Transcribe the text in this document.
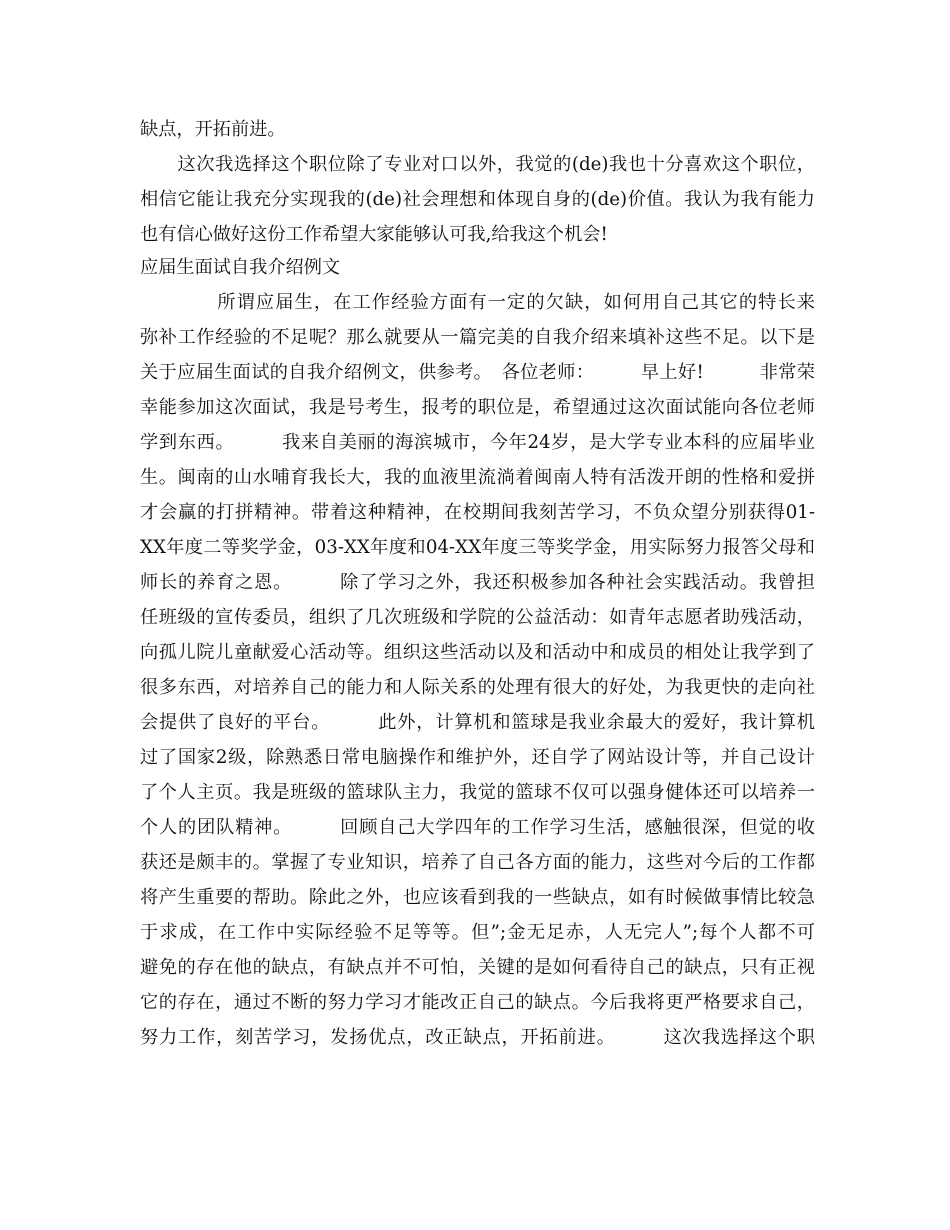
缺点，开拓前进。
　　这次我选择这个职位除了专业对口以外，我觉的(de)我也十分喜欢这个职位，
相信它能让我充分实现我的(de)社会理想和体现自身的(de)价值。我认为我有能力
也有信心做好这份工作希望大家能够认可我,给我这个机会!
应届生面试自我介绍例文
　　　　所谓应届生，在工作经验方面有一定的欠缺，如何用自己其它的特长来
弥补工作经验的不足呢？那么就要从一篇完美的自我介绍来填补这些不足。以下是
关于应届生面试的自我介绍例文，供参考。　各位老师：　　　早上好!　　　非常荣
幸能参加这次面试，我是号考生，报考的职位是，希望通过这次面试能向各位老师
学到东西。　　　我来自美丽的海滨城市，今年24岁，是大学专业本科的应届毕业
生。闽南的山水哺育我长大，我的血液里流淌着闽南人特有活泼开朗的性格和爱拼
才会赢的打拼精神。带着这种精神，在校期间我刻苦学习，不负众望分别获得01-
XX年度二等奖学金，03-XX年度和04-XX年度三等奖学金，用实际努力报答父母和
师长的养育之恩。　　　除了学习之外，我还积极参加各种社会实践活动。我曾担
任班级的宣传委员，组织了几次班级和学院的公益活动：如青年志愿者助残活动，
向孤儿院儿童献爱心活动等。组织这些活动以及和活动中和成员的相处让我学到了
很多东西，对培养自己的能力和人际关系的处理有很大的好处，为我更快的走向社
会提供了良好的平台。　　　此外，计算机和篮球是我业余最大的爱好，我计算机
过了国家2级，除熟悉日常电脑操作和维护外，还自学了网站设计等，并自己设计
了个人主页。我是班级的篮球队主力，我觉的篮球不仅可以强身健体还可以培养一
个人的团队精神。　　　回顾自己大学四年的工作学习生活，感触很深，但觉的收
获还是颇丰的。掌握了专业知识，培养了自己各方面的能力，这些对今后的工作都
将产生重要的帮助。除此之外，也应该看到我的一些缺点，如有时候做事情比较急
于求成，在工作中实际经验不足等等。但”;金无足赤，人无完人”;每个人都不可
避免的存在他的缺点，有缺点并不可怕，关键的是如何看待自己的缺点，只有正视
它的存在，通过不断的努力学习才能改正自己的缺点。今后我将更严格要求自己，
努力工作，刻苦学习，发扬优点，改正缺点，开拓前进。　　　这次我选择这个职
